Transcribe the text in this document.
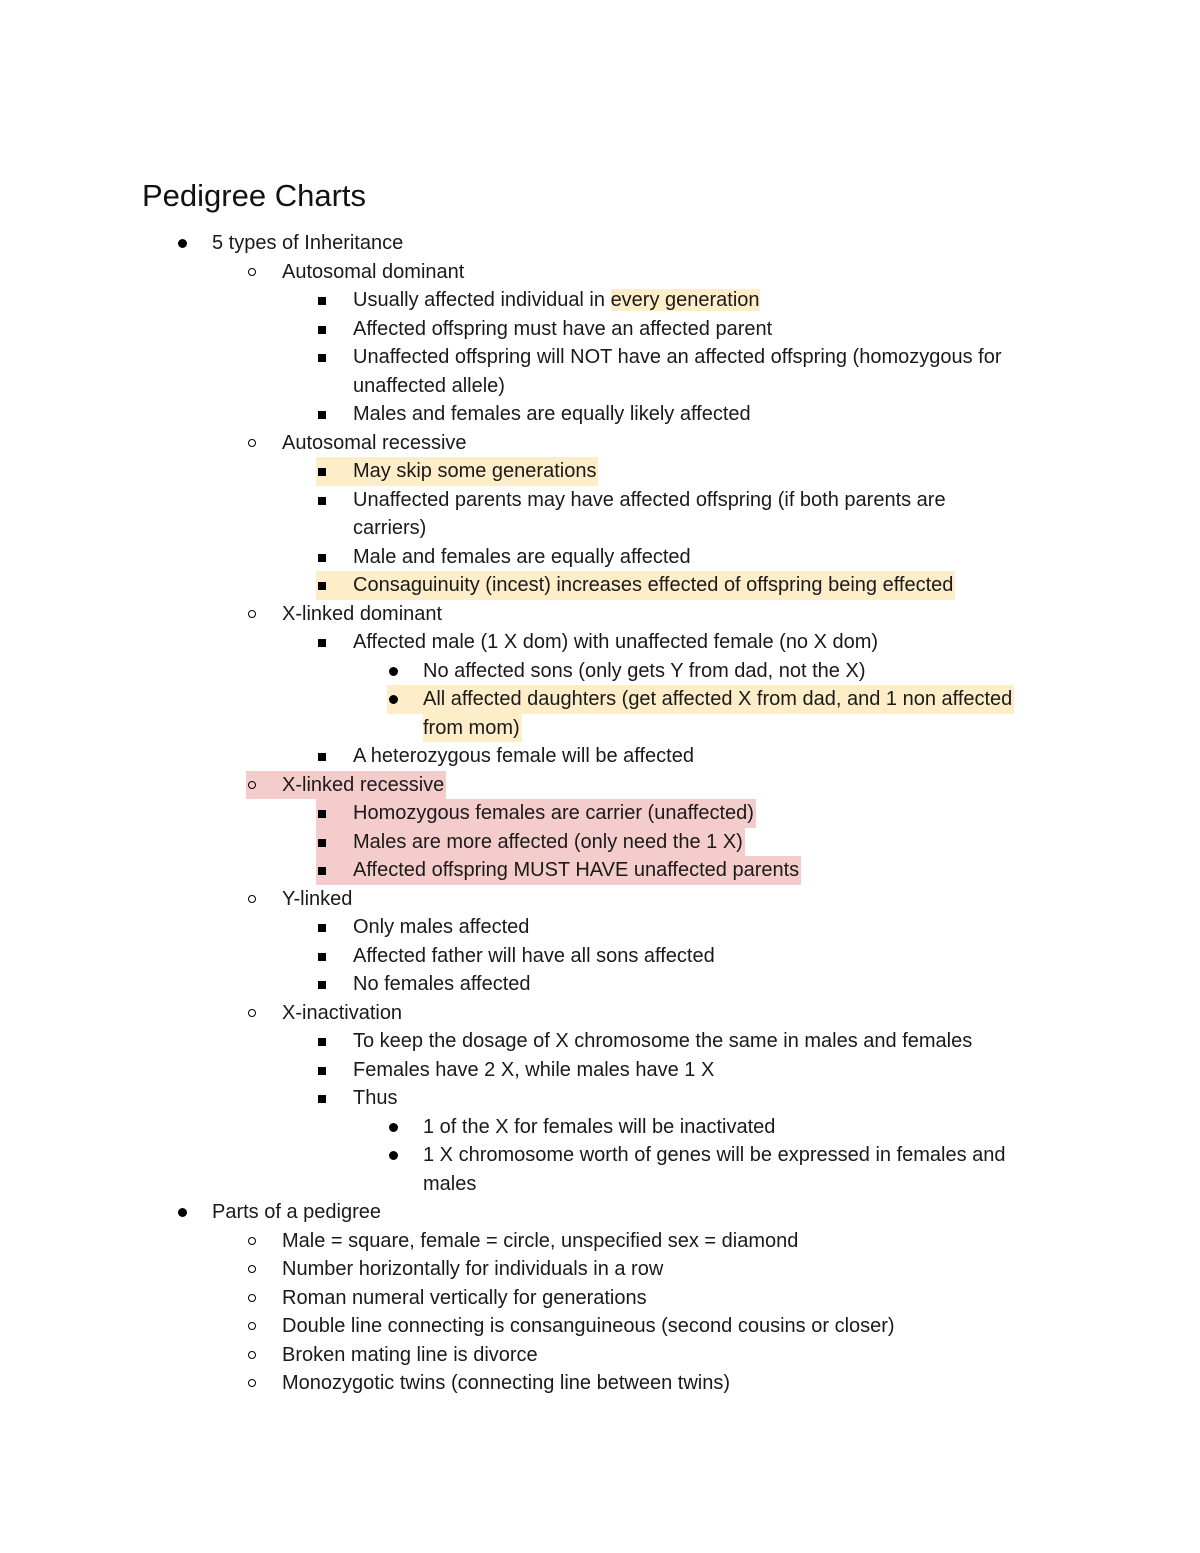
Pedigree Charts
5 types of Inheritance
Autosomal dominant
Usually affected individual in every generation
Affected offspring must have an affected parent
Unaffected offspring will NOT have an affected offspring (homozygous for
unaffected allele)
Males and females are equally likely affected
Autosomal recessive
May skip some generations
Unaffected parents may have affected offspring (if both parents are
carriers)
Male and females are equally affected
Consaguinuity (incest) increases effected of offspring being effected
X-linked dominant
Affected male (1 X dom) with unaffected female (no X dom)
No affected sons (only gets Y from dad, not the X)
All affected daughters (get affected X from dad, and 1 non affected
from mom)
A heterozygous female will be affected
X-linked recessive
Homozygous females are carrier (unaffected)
Males are more affected (only need the 1 X)
Affected offspring MUST HAVE unaffected parents
Y-linked
Only males affected
Affected father will have all sons affected
No females affected
X-inactivation
To keep the dosage of X chromosome the same in males and females
Females have 2 X, while males have 1 X
Thus
1 of the X for females will be inactivated
1 X chromosome worth of genes will be expressed in females and
males
Parts of a pedigree
Male = square, female = circle, unspecified sex = diamond
Number horizontally for individuals in a row
Roman numeral vertically for generations
Double line connecting is consanguineous (second cousins or closer)
Broken mating line is divorce
Monozygotic twins (connecting line between twins)
